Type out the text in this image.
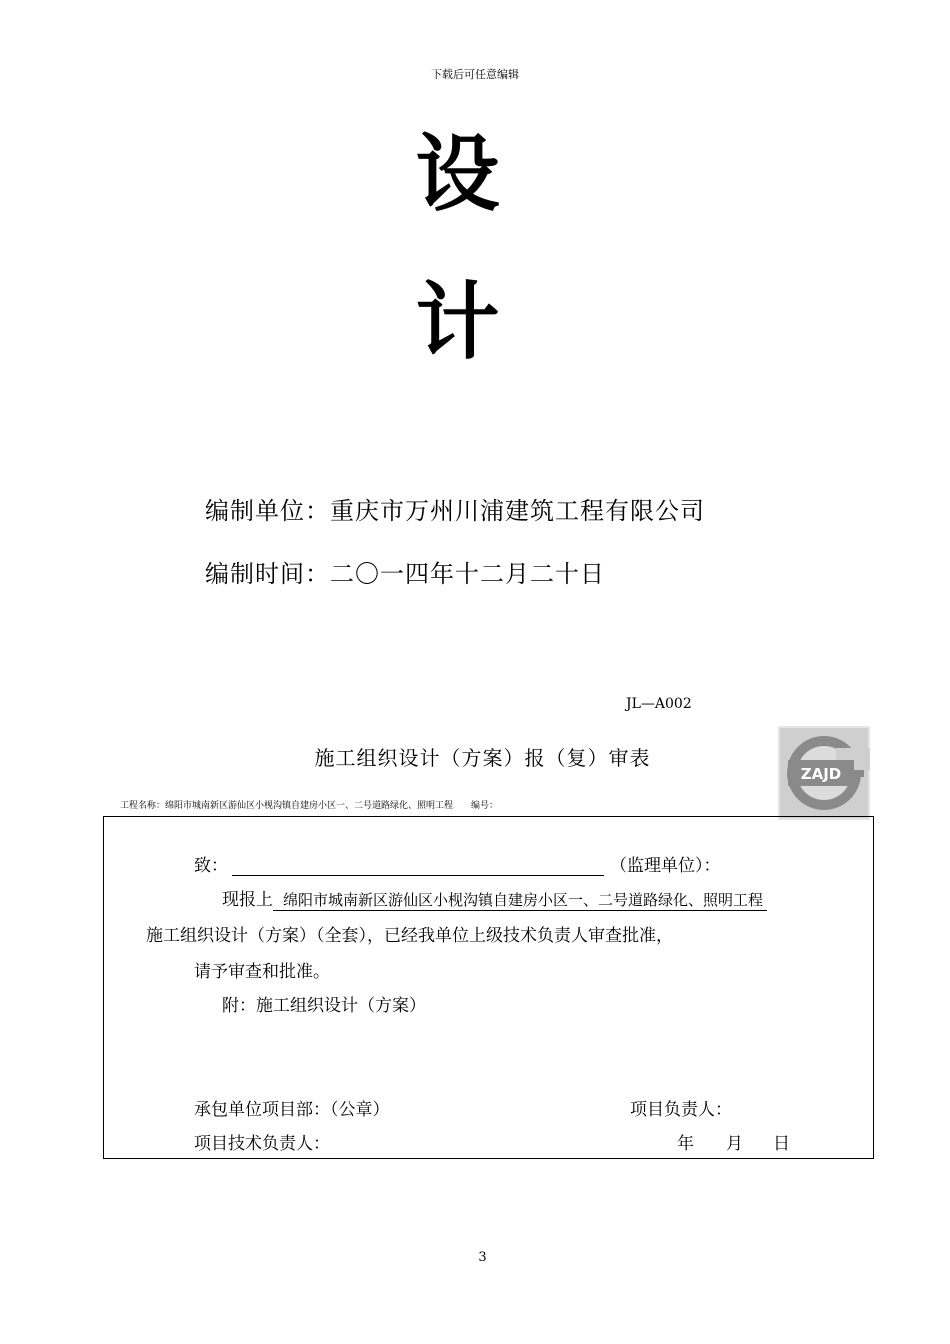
下载后可任意编辑
设
计
编制单位：重庆市万州川浦建筑工程有限公司
编制时间：二〇一四年十二月二十日
JL—A002
施工组织设计（方案）报（复）审表
工程名称：绵阳市城南新区游仙区小枧沟镇自建房小区一、二号道路绿化、照明工程　　编号：
ZAJD
致：	（监理单位）：
现报上 绵阳市城南新区游仙区小枧沟镇自建房小区一、二号道路绿化、照明工程
施工组织设计（方案）（全套），已经我单位上级技术负责人审查批准，
请予审查和批准。
附：施工组织设计（方案）
承包单位项目部：（公章）	项目负责人：
项目技术负责人：	年 月 日
3
